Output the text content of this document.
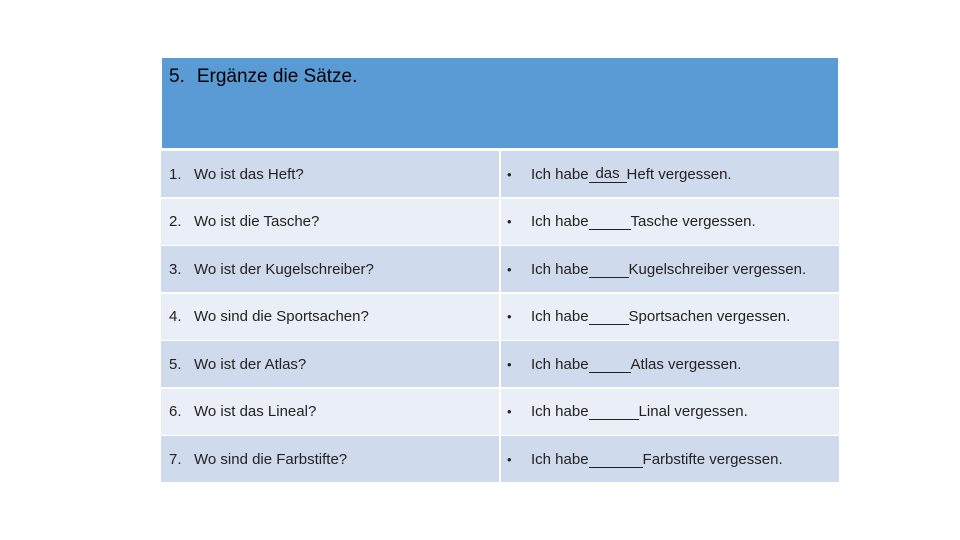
5. Ergänze die Sätze.
1. Wo ist das Heft?	•	Ich habe das Heft vergessen.
2. Wo ist die Tasche?	•	Ich habe	Tasche vergessen.
3. Wo ist der Kugelschreiber?	•	Ich habe	Kugelschreiber vergessen.
4. Wo sind die Sportsachen?	•	Ich habe	Sportsachen vergessen.
5. Wo ist der Atlas?	•	Ich habe	Atlas vergessen.
6. Wo ist das Lineal?	•	Ich habe	Linal vergessen.
7. Wo sind die Farbstifte?	•	Ich habe	Farbstifte vergessen.
